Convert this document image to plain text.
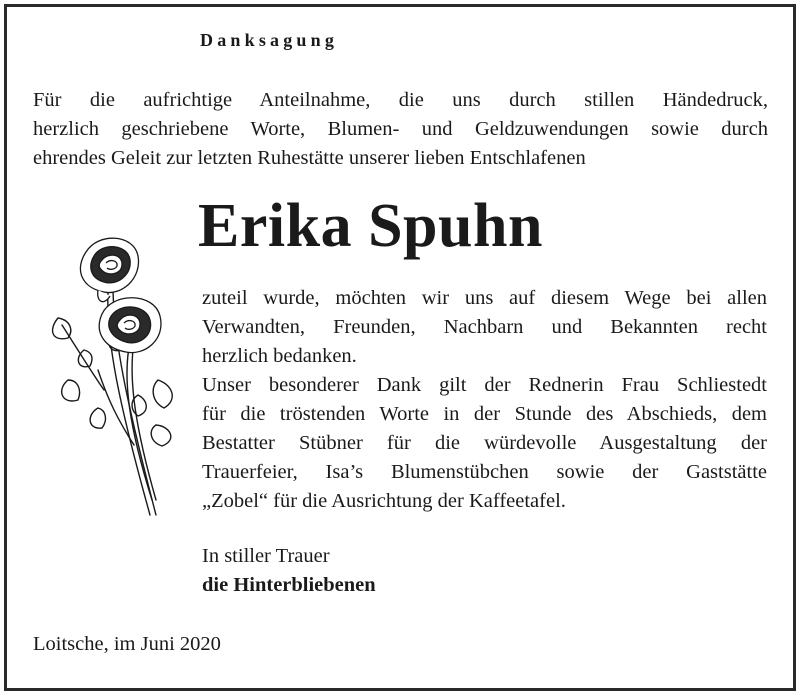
Danksagung
Für die aufrichtige Anteilnahme, die uns durch stillen Händedruck,
herzlich geschriebene Worte, Blumen- und Geldzuwendungen sowie durch
ehrendes Geleit zur letzten Ruhestätte unserer lieben Entschlafenen
Erika Spuhn
zuteil wurde, möchten wir uns auf diesem Wege bei allen
Verwandten, Freunden, Nachbarn und Bekannten recht
herzlich bedanken.
Unser besonderer Dank gilt der Rednerin Frau Schliestedt
für die tröstenden Worte in der Stunde des Abschieds, dem
Bestatter Stübner für die würdevolle Ausgestaltung der
Trauerfeier, Isa’s Blumenstübchen sowie der Gaststätte
„Zobel“ für die Ausrichtung der Kaffeetafel.
In stiller Trauer
die Hinterbliebenen
Loitsche, im Juni 2020
